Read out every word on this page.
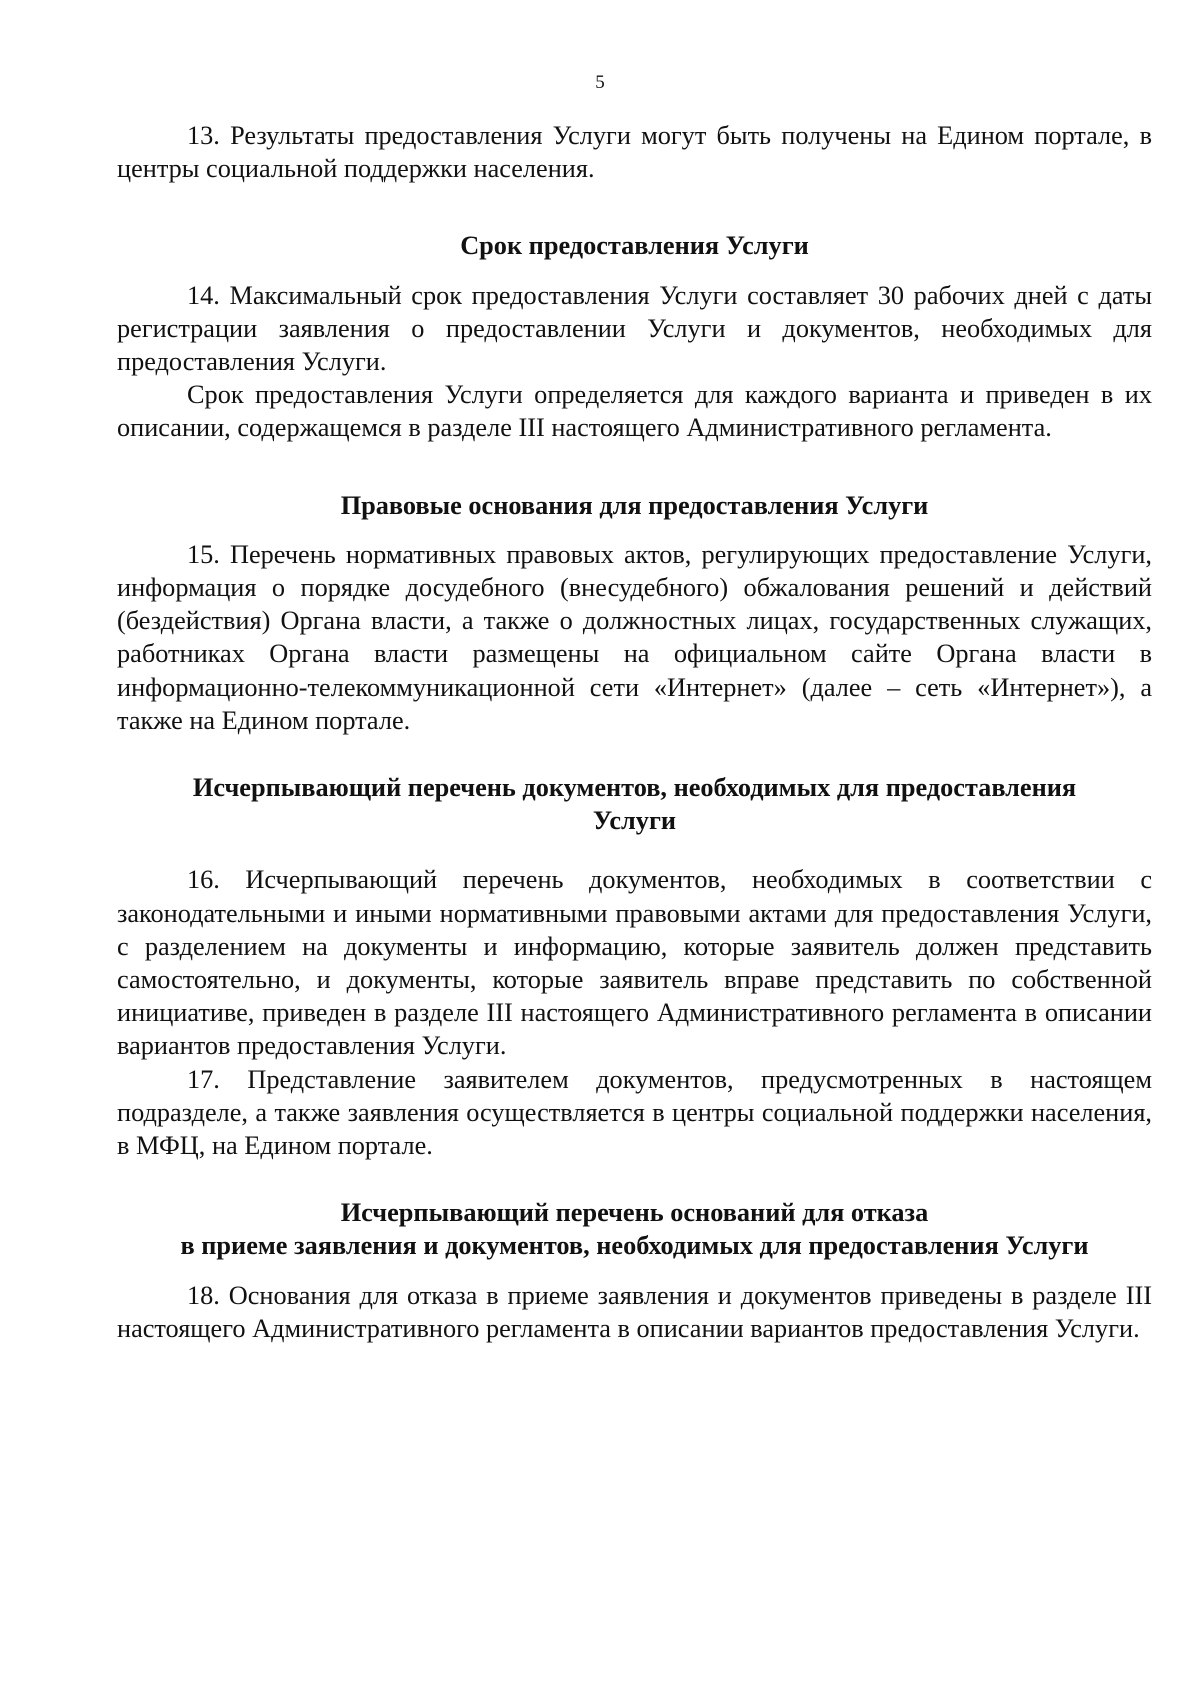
5

13. Результаты предоставления Услуги могут быть получены на Едином портале, в центры социальной поддержки населения.

Срок предоставления Услуги

14. Максимальный срок предоставления Услуги составляет 30 рабочих дней с даты регистрации заявления о предоставлении Услуги и документов, необходимых для предоставления Услуги.

Срок предоставления Услуги определяется для каждого варианта и приведен в их описании, содержащемся в разделе III настоящего Административного регламента.

Правовые основания для предоставления Услуги

15. Перечень нормативных правовых актов, регулирующих предоставление Услуги, информация о порядке досудебного (внесудебного) обжалования решений и действий (бездействия) Органа власти, а также о должностных лицах, государственных служащих, работниках Органа власти размещены на официальном сайте Органа власти в информационно-телекоммуникационной сети «Интернет» (далее – сеть «Интернет»), а также на Едином портале.

Исчерпывающий перечень документов, необходимых для предоставления
Услуги

16. Исчерпывающий перечень документов, необходимых в соответствии с законодательными и иными нормативными правовыми актами для предоставления Услуги, с разделением на документы и информацию, которые заявитель должен представить самостоятельно, и документы, которые заявитель вправе представить по собственной инициативе, приведен в разделе III настоящего Административного регламента в описании вариантов предоставления Услуги.

17. Представление заявителем документов, предусмотренных в настоящем подразделе, а также заявления осуществляется в центры социальной поддержки населения, в МФЦ, на Едином портале.

Исчерпывающий перечень оснований для отказа
в приеме заявления и документов, необходимых для предоставления Услуги

18. Основания для отказа в приеме заявления и документов приведены в разделе III настоящего Административного регламента в описании вариантов предоставления Услуги.
